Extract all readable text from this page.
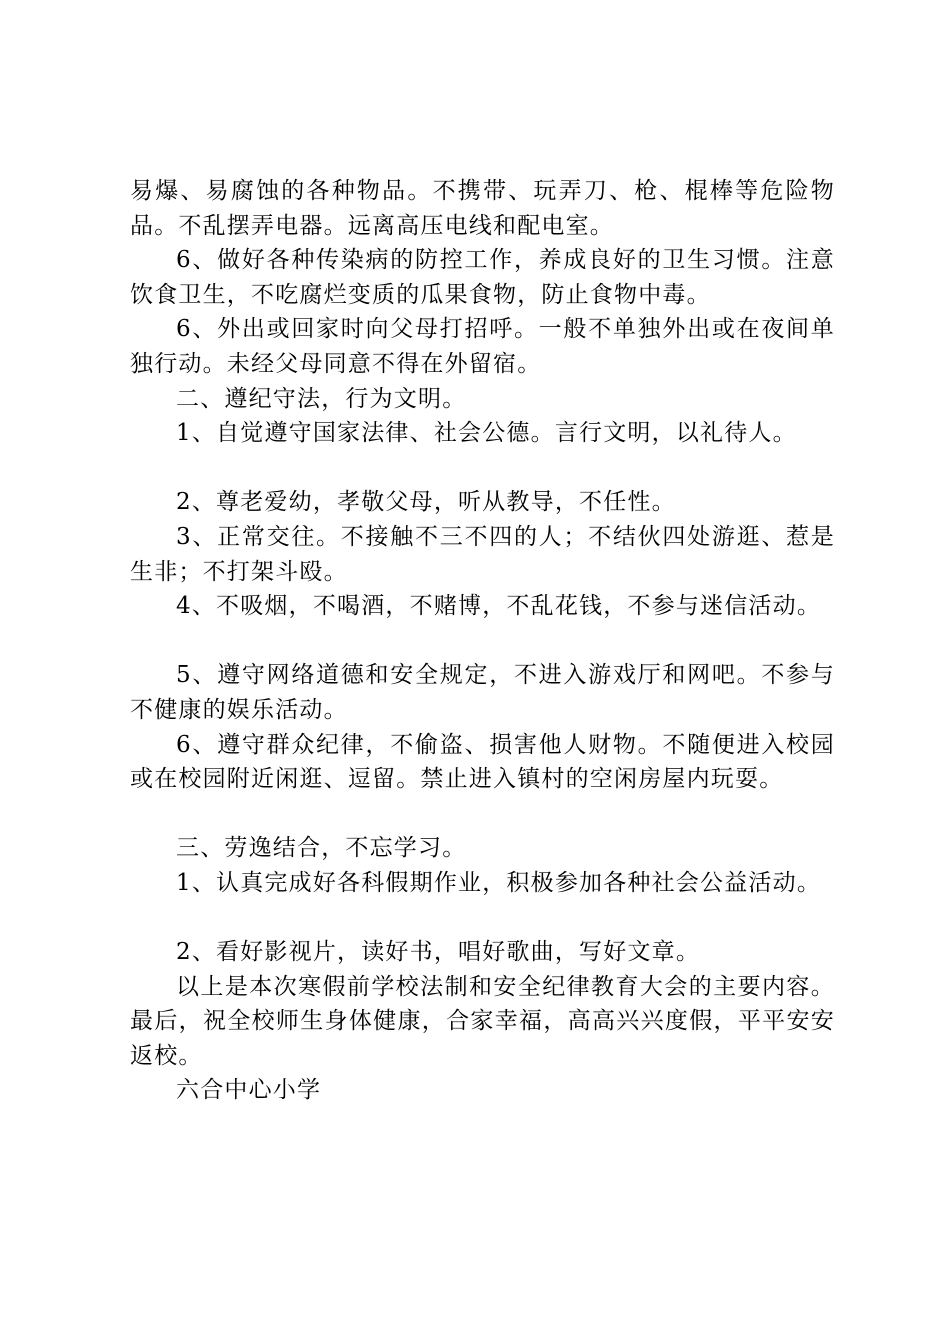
易爆、易腐蚀的各种物品。不携带、玩弄刀、枪、棍棒等危险物品。不乱摆弄电器。远离高压电线和配电室。

6、做好各种传染病的防控工作，养成良好的卫生习惯。注意饮食卫生，不吃腐烂变质的瓜果食物，防止食物中毒。

6、外出或回家时向父母打招呼。一般不单独外出或在夜间单独行动。未经父母同意不得在外留宿。

二、遵纪守法，行为文明。

1、自觉遵守国家法律、社会公德。言行文明，以礼待人。

2、尊老爱幼，孝敬父母，听从教导，不任性。

3、正常交往。不接触不三不四的人；不结伙四处游逛、惹是生非；不打架斗殴。

4、不吸烟，不喝酒，不赌博，不乱花钱，不参与迷信活动。

5、遵守网络道德和安全规定，不进入游戏厅和网吧。不参与不健康的娱乐活动。

6、遵守群众纪律，不偷盗、损害他人财物。不随便进入校园或在校园附近闲逛、逗留。禁止进入镇村的空闲房屋内玩耍。

三、劳逸结合，不忘学习。

1、认真完成好各科假期作业，积极参加各种社会公益活动。

2、看好影视片，读好书，唱好歌曲，写好文章。

以上是本次寒假前学校法制和安全纪律教育大会的主要内容。最后，祝全校师生身体健康，合家幸福，高高兴兴度假，平平安安返校。

六合中心小学
